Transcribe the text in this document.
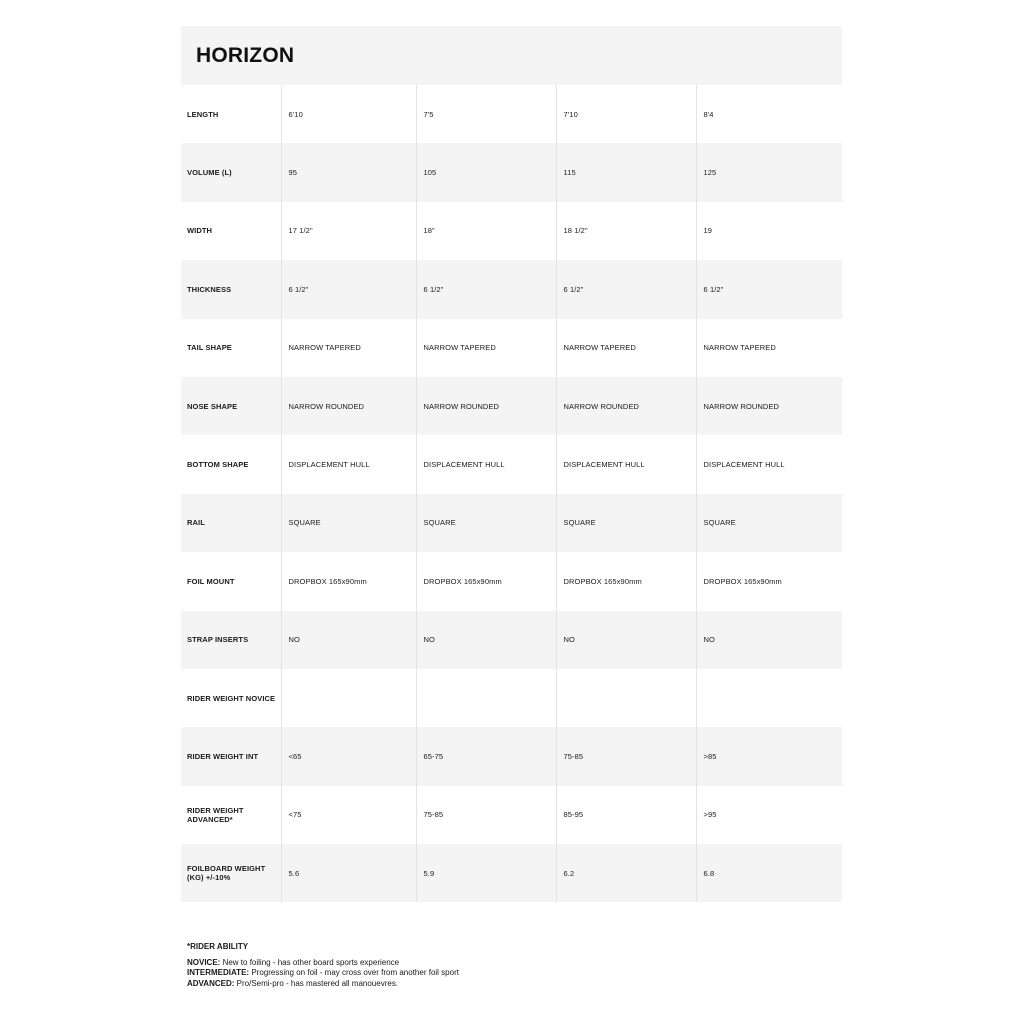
HORIZON
LENGTH	6'10	7'5	7'10	8'4
VOLUME (L)	95	105	115	125
WIDTH	17 1/2"	18"	18 1/2"	19
THICKNESS	6 1/2"	6 1/2"	6 1/2"	6 1/2"
TAIL SHAPE	NARROW TAPERED	NARROW TAPERED	NARROW TAPERED	NARROW TAPERED
NOSE SHAPE	NARROW ROUNDED	NARROW ROUNDED	NARROW ROUNDED	NARROW ROUNDED
BOTTOM SHAPE	DISPLACEMENT HULL	DISPLACEMENT HULL	DISPLACEMENT HULL	DISPLACEMENT HULL
RAIL	SQUARE	SQUARE	SQUARE	SQUARE
FOIL MOUNT	DROPBOX 165x90mm	DROPBOX 165x90mm	DROPBOX 165x90mm	DROPBOX 165x90mm
STRAP INSERTS	NO	NO	NO	NO
RIDER WEIGHT NOVICE				
RIDER WEIGHT INT	<65	65-75	75-85	>85
RIDER WEIGHT ADVANCED*	<75	75-85	85-95	>95
FOILBOARD WEIGHT (KG) +/-10%	5.6	5.9	6.2	6.8
*RIDER ABILITY
NOVICE: New to foiling - has other board sports experience
INTERMEDIATE: Progressing on foil - may cross over from another foil sport
ADVANCED: Pro/Semi-pro - has mastered all manouevres.
